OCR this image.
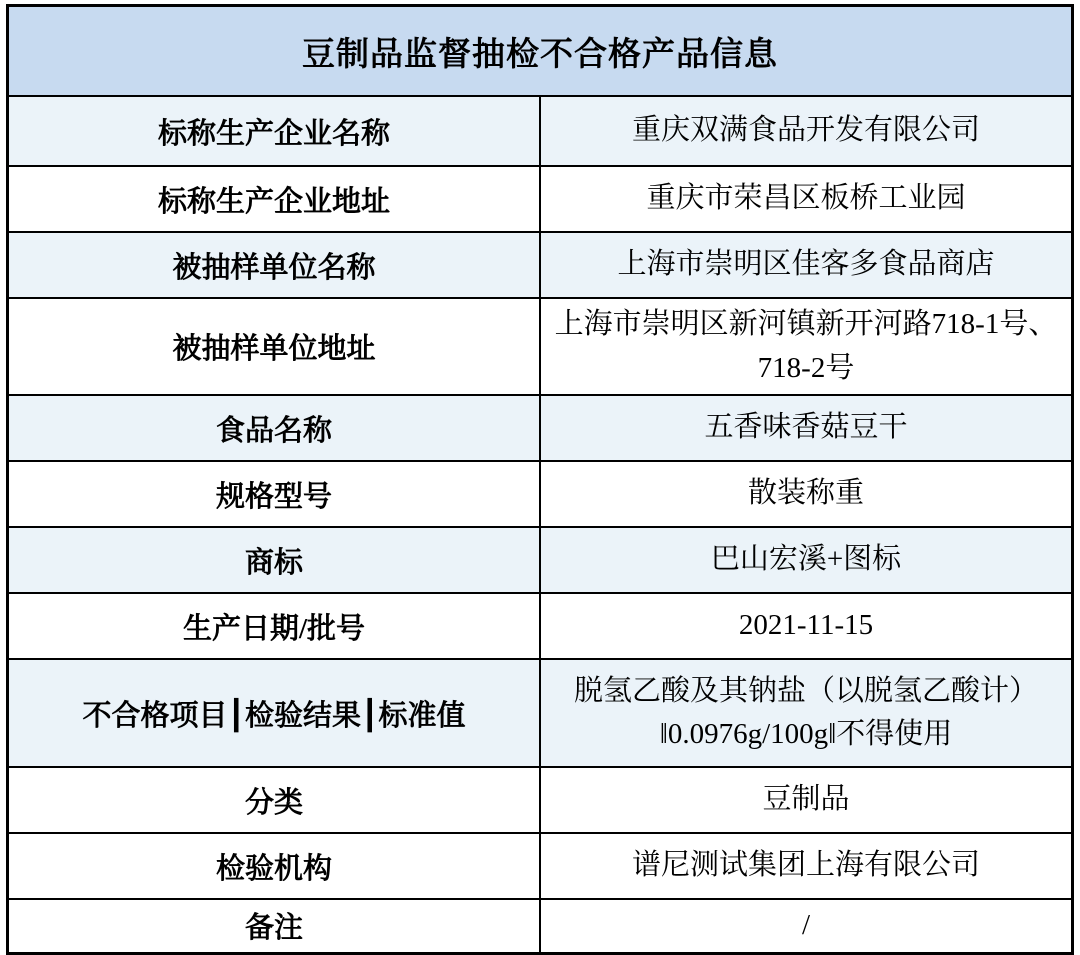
豆制品监督抽检不合格产品信息	
标称生产企业名称	重庆双满食品开发有限公司
标称生产企业地址	重庆市荣昌区板桥工业园
被抽样单位名称	上海市崇明区佳客多食品商店
被抽样单位地址	上海市崇明区新河镇新开河路718-1号、718-2号
食品名称	五香味香菇豆干
规格型号	散装称重
商标	巴山宏溪+图标
生产日期/批号	2021-11-15
不合格项目┃检验结果┃标准值	脱氢乙酸及其钠盐（以脱氢乙酸计）‖0.0976g/100g‖不得使用
分类	豆制品
检验机构	谱尼测试集团上海有限公司
备注	/
